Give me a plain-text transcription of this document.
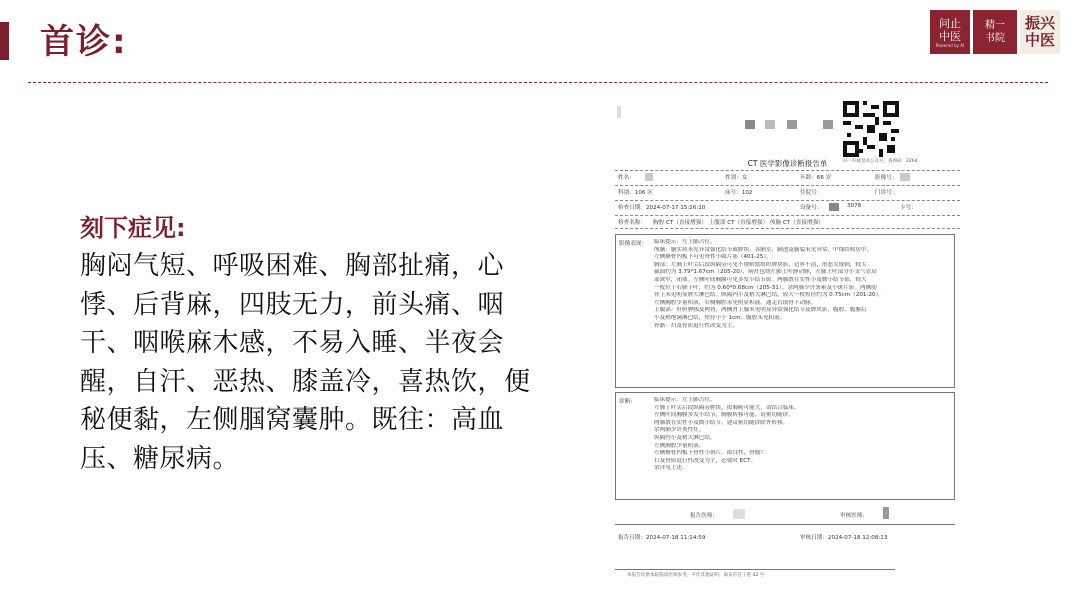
首诊:	问止
中医
Powered by AI
精一
书院
振兴
中医
刻下症见:
胸闷气短、呼吸困难、胸部扯痛，心悸、后背麻，四肢无力，前头痛、咽干、咽喉麻木感，不易入睡、半夜会醒，自汗、恶热、膝盖冷，喜热饮，便秘便黏，左侧腘窝囊肿。既往：高血压、糖尿病。
扫一扫或登录公众号，查询码：2264
CT 医学影像诊断报告单
姓名：	性别：女	年龄：66 岁	影像号：
科别：106 区	床号：102	住院号：	门诊号：
检查日期：2024-07-17 15:26:10	设备号：	3078	卡号：
检查名称： 胸腔 CT（直接增强） 上腹部 CT（直接增强） 颅脑 CT（直接增强）
影像表现： 临床提示：左上肺占位。
颅脑：脑实质未见异常强化结节或肿块，各脑室、脑池及脑裂未见异常，中线结构居中。
左侧额骨内板下可见骨性小圆片影（401-25）。
胸部：左肺上叶尖后段纵隔旁可见不规则软组织肿块影，边界不清，形态欠规则，较大
截面约为 3.79*1.67cm（205-20），病灶包绕左肺上叶静动脉，左肺上叶部分小支气管局
部狭窄，闭塞。左侧叶间胸膜可见多发小结节影。两肺散在实性小及微小结节影，较大
一枚位于右肺下叶，约为 0.60*0.68cm（205-31）。余两肺少许条索及小斑片影。两侧肋
骨上未见明显肿大淋巴结。纵隔内小及稍大淋巴结，较大一枚短径约为 0.75cm（201-20）。
左侧胸腔少量积液，右侧胸腔未见明显积液。通走右锁骨下动脉。
上腹部：肝胆脾胰及两肾、两侧肾上腺未见明显异常强化结节及肿块影，腹腔、腹膜后
小及稍饱满淋巴结，短径小于 1cm。腹腔未见积液。
骨骼：扫及骨质退行性改变为主。
诊断：	临床提示：左上肺占位。
左肺上叶尖后段纵隔旁肿块，拟肺癌可能大，请结合临床。
左侧叶间胸膜多发小结节，胸膜转移可能，请密切随诊。
两肺散在实性小及微小结节，建议密切随诊除外转移。
余两肺少许炎性灶。
纵隔内小及稍大淋巴结。
左侧胸腔少量积液。
左侧额骨内板下骨性小斑片，拟良性，骨瘤？
扫及骨质退行性改变为主，必要时 ECT。
余详见上述。
报告医师：	审核医师：
报告日期：2024-07-18 11:14:59	审核日期：2024-07-18 12:08:13
本报告仅供本院临床医师参考，不作其他证明。南京市百子巷 42 号
